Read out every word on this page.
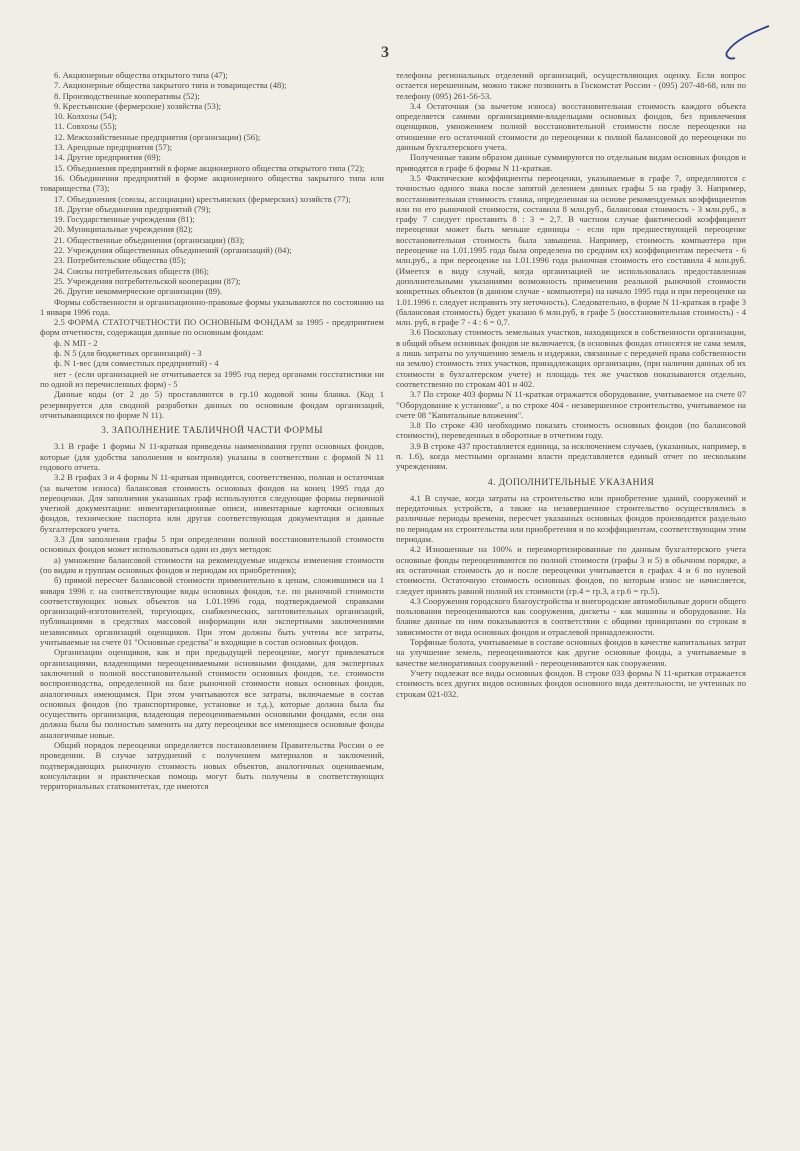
3

6. Акционерные общества открытого типа (47);

7. Акционерные общества закрытого типа и товарищества (48);

8. Производственные кооперативы (52);

9. Крестьянские (фермерские) хозяйства (53);

10. Колхозы (54);

11. Совхозы (55);

12. Межхозяйственные предприятия (организации) (56);

13. Арендные предприятия (57);

14. Другие предприятия (69);

15. Объединения предприятий в форме акционерного общества открытого типа (72);

16. Объединения предприятий в форме акционерного общества закрытого типа или товарищества (73);

17. Объединения (союзы, ассоциации) крестьянских (фермерских) хозяйств (77);

18. Другие объединения предприятий (79);

19. Государственные учреждения (81);

20. Муниципальные учреждения (82);

21. Общественные объединения (организации) (83);

22. Учреждения общественных объединений (организаций) (84);

23. Потребительские общества (85);

24. Союзы потребительских обществ (86);

25. Учреждения потребительской кооперации (87);

26. Другие некоммерческие организации (89).

Формы собственности и организационно-правовые формы указываются по состоянию на 1 января 1996 года.

2.5 ФОРМА СТАТОТЧЕТНОСТИ ПО ОСНОВНЫМ ФОНДАМ за 1995 - предприятием форм отчетности, содержащая данные по основным фондам:

ф. N МП - 2

ф. N 5 (для бюджетных организаций) - 3

ф. N 1-вес (для совместных предприятий) - 4

нет - (если организацией не отчитывается за 1995 год перед органами госстатистики ни по одной из перечисленных форм) - 5

Данные коды (от 2 до 5) проставляются в гр.10 кодовой зоны бланка. (Код 1 резервируется для сводной разработки данных по основным фондам организаций, отчитывающихся по форме N 11).

3. ЗАПОЛНЕНИЕ ТАБЛИЧНОЙ ЧАСТИ ФОРМЫ

3.1 В графе 1 формы N 11-краткая приведены наименования групп основных фондов, которые (для удобства заполнения и контроля) указаны в соответствии с формой N 11 годового отчета.

3.2 В графах 3 и 4 формы N 11-краткая приводится, соответственно, полная и остаточная (за вычетом износа) балансовая стоимость основных фондов на конец 1995 года до переоценки. Для заполнения указанных граф используются следующие формы первичной учетной документации: инвентаризационные описи, инвентарные карточки основных фондов, технические паспорта или другая соответствующая документация и данные бухгалтерского учета.

3.3 Для заполнения графы 5 при определении полной восстановительной стоимости основных фондов может использоваться один из двух методов:

а) умножение балансовой стоимости на рекомендуемые индексы изменения стоимости (по видам и группам основных фондов и периодам их приобретения);

б) прямой пересчет балансовой стоимости применительно к ценам, сложившимся на 1 января 1996 г. на соответствующие виды основных фондов, т.е. по рыночной стоимости соответствующих новых объектов на 1.01.1996 года, подтверждаемой справками организаций-изготовителей, торгующих, снабженческих, заготовительных организаций, публикациями в средствах массовой информации или экспертными заключениями независимых организаций оценщиков. При этом должны быть учтены все затраты, учитываемые на счете 01 "Основные средства" и входящие в состав основных фондов.

Организации оценщиков, как и при предыдущей переоценке, могут привлекаться организациями, владеющими переоцениваемыми основными фондами, для экспертных заключений о полной восстановительной стоимости основных фондов, т.е. стоимости воспроизводства, определенной на базе рыночной стоимости новых основных фондов, аналогичных имеющимся. При этом учитываются все затраты, включаемые в состав основных фондов (по транспортировке, установке и т.д.), которые должна была бы осуществить организация, владеющая переоцениваемыми основными фондами, если она должна была бы полностью заменить на дату переоценки все имеющиеся основные фонды аналогичные новые.

Общий порядок переоценки определяется постановлением Правительства России о ее проведении. В случае затруднений с получением материалов и заключений, подтверждающих рыночную стоимость новых объектов, аналогичных оцениваемым, консультации и практическая помощь могут быть получены в соответствующих территориальных статкомитетах, где имеются

телефоны региональных отделений организаций, осуществляющих оценку. Если вопрос остается нерешенным, можно также позвонить в Госкомстат России - (095) 207-48-68, или по телефону (095) 261-56-53.

3.4 Остаточная (за вычетом износа) восстановительная стоимость каждого объекта определяется самими организациями-владельцами основных фондов, без привлечения оценщиков, умножением полной восстановительной стоимости после переоценки на отношение его остаточной стоимости до переоценки к полной балансовой до переоценки по данным бухгалтерского учета.

Полученные таким образом данные суммируются по отдельным видам основных фондов и приводятся в графе 6 формы N 11-краткая.

3.5 Фактические коэффициенты переоценки, указываемые в графе 7, определяются с точностью одного знака после запятой делением данных графы 5 на графу 3. Например, восстановительная стоимость станка, определенная на основе рекомендуемых коэффициентов или по его рыночной стоимости, составила 8 млн.руб., балансовая стоимость - 3 млн.руб., в графу 7 следует проставить 8 : 3 = 2,7. В частном случае фактический коэффициент переоценки может быть меньше единицы - если при предшествующей переоценке восстановительная стоимость была завышена. Например, стоимость компьютера при переоценке на 1.01.1995 года была определена по средним кх) коэффициентам пересчета - 6 млн.руб., а при переоценке на 1.01.1996 года рыночная стоимость его составила 4 млн.руб. (Имеется в виду случай, когда организацией не использовалась предоставленная дополнительными указаниями возможность применения реальной рыночной стоимости конкретных объектов (в данном случае - компьютера) на начало 1995 года и при переоценке на 1.01.1996 г. следует исправить эту неточность). Следовательно, в форме N 11-краткая в графе 3 (балансовая стоимость) будет указано 6 млн.руб, в графе 5 (восстановительная стоимость) - 4 млн. руб, в графе 7 - 4 : 6 = 0,7.

3.6 Поскольку стоимость земельных участков, находящихся в собственности организации, в общий объем основных фондов не включается, (в основных фондах относятся не сама земля, а лишь затраты по улучшению земель и издержки, связанные с передачей права собственности на землю) стоимость этих участков, принадлежащих организации, (при наличии данных об их стоимости в бухгалтерском учете) и площадь тех же участков показываются отдельно, соответственно по строкам 401 и 402.

3.7 По строке 403 формы N 11-краткая отражается оборудование, учитываемое на счете 07 "Оборудование к установке", а по строке 404 - незавершенное строительство, учитываемое на счете 08 "Капитальные вложения".

3.8 По строке 430 необходимо показать стоимость основных фондов (по балансовой стоимости), переведенных в оборотные в отчетном году.

3.9 В строке 437 проставляется единица, за исключением случаев, (указанных, например, в п. 1.6), когда местными органами власти представляется единый отчет по нескольким учреждениям.

4. ДОПОЛНИТЕЛЬНЫЕ УКАЗАНИЯ

4.1 В случае, когда затраты на строительство или приобретение зданий, сооружений и передаточных устройств, а также на незавершенное строительство осуществлялись в различные периоды времени, пересчет указанных основных фондов производится раздельно по периодам их строительства или приобретения и по коэффициентам, соответствующим этим периодам.

4.2 Изношенные на 100% и переамортизированные по данным бухгалтерского учета основные фонды переоцениваются по полной стоимости (графы 3 и 5) в обычном порядке, а их остаточная стоимость до и после переоценки учитывается в графах 4 и 6 по нулевой стоимости. Остаточную стоимость основных фондов, по которым износ не начисляется, следует принять равной полной их стоимости (гр.4 = гр.3, а гр.6 = гр.5).

4.3 Сооружения городского благоустройства и внегородские автомобильные дороги общего пользования переоцениваются как сооружения, дискеты - как машины и оборудование. На бланке данные по ним показываются в соответствии с общими принципами по строкам в зависимости от вида основных фондов и отраслевой принадлежности.

Торфяные болота, учитываемые в составе основных фондов в качестве капитальных затрат на улучшение земель, переоцениваются как другие основные фонды, а учитываемые в качестве мелиоративных сооружений - переоцениваются как сооружения.

Учету подлежат все виды основных фондов. В строке 033 формы N 11-краткая отражается стоимость всех других видов основных фондов основного вида деятельности, не учтенных по строкам 021-032.
